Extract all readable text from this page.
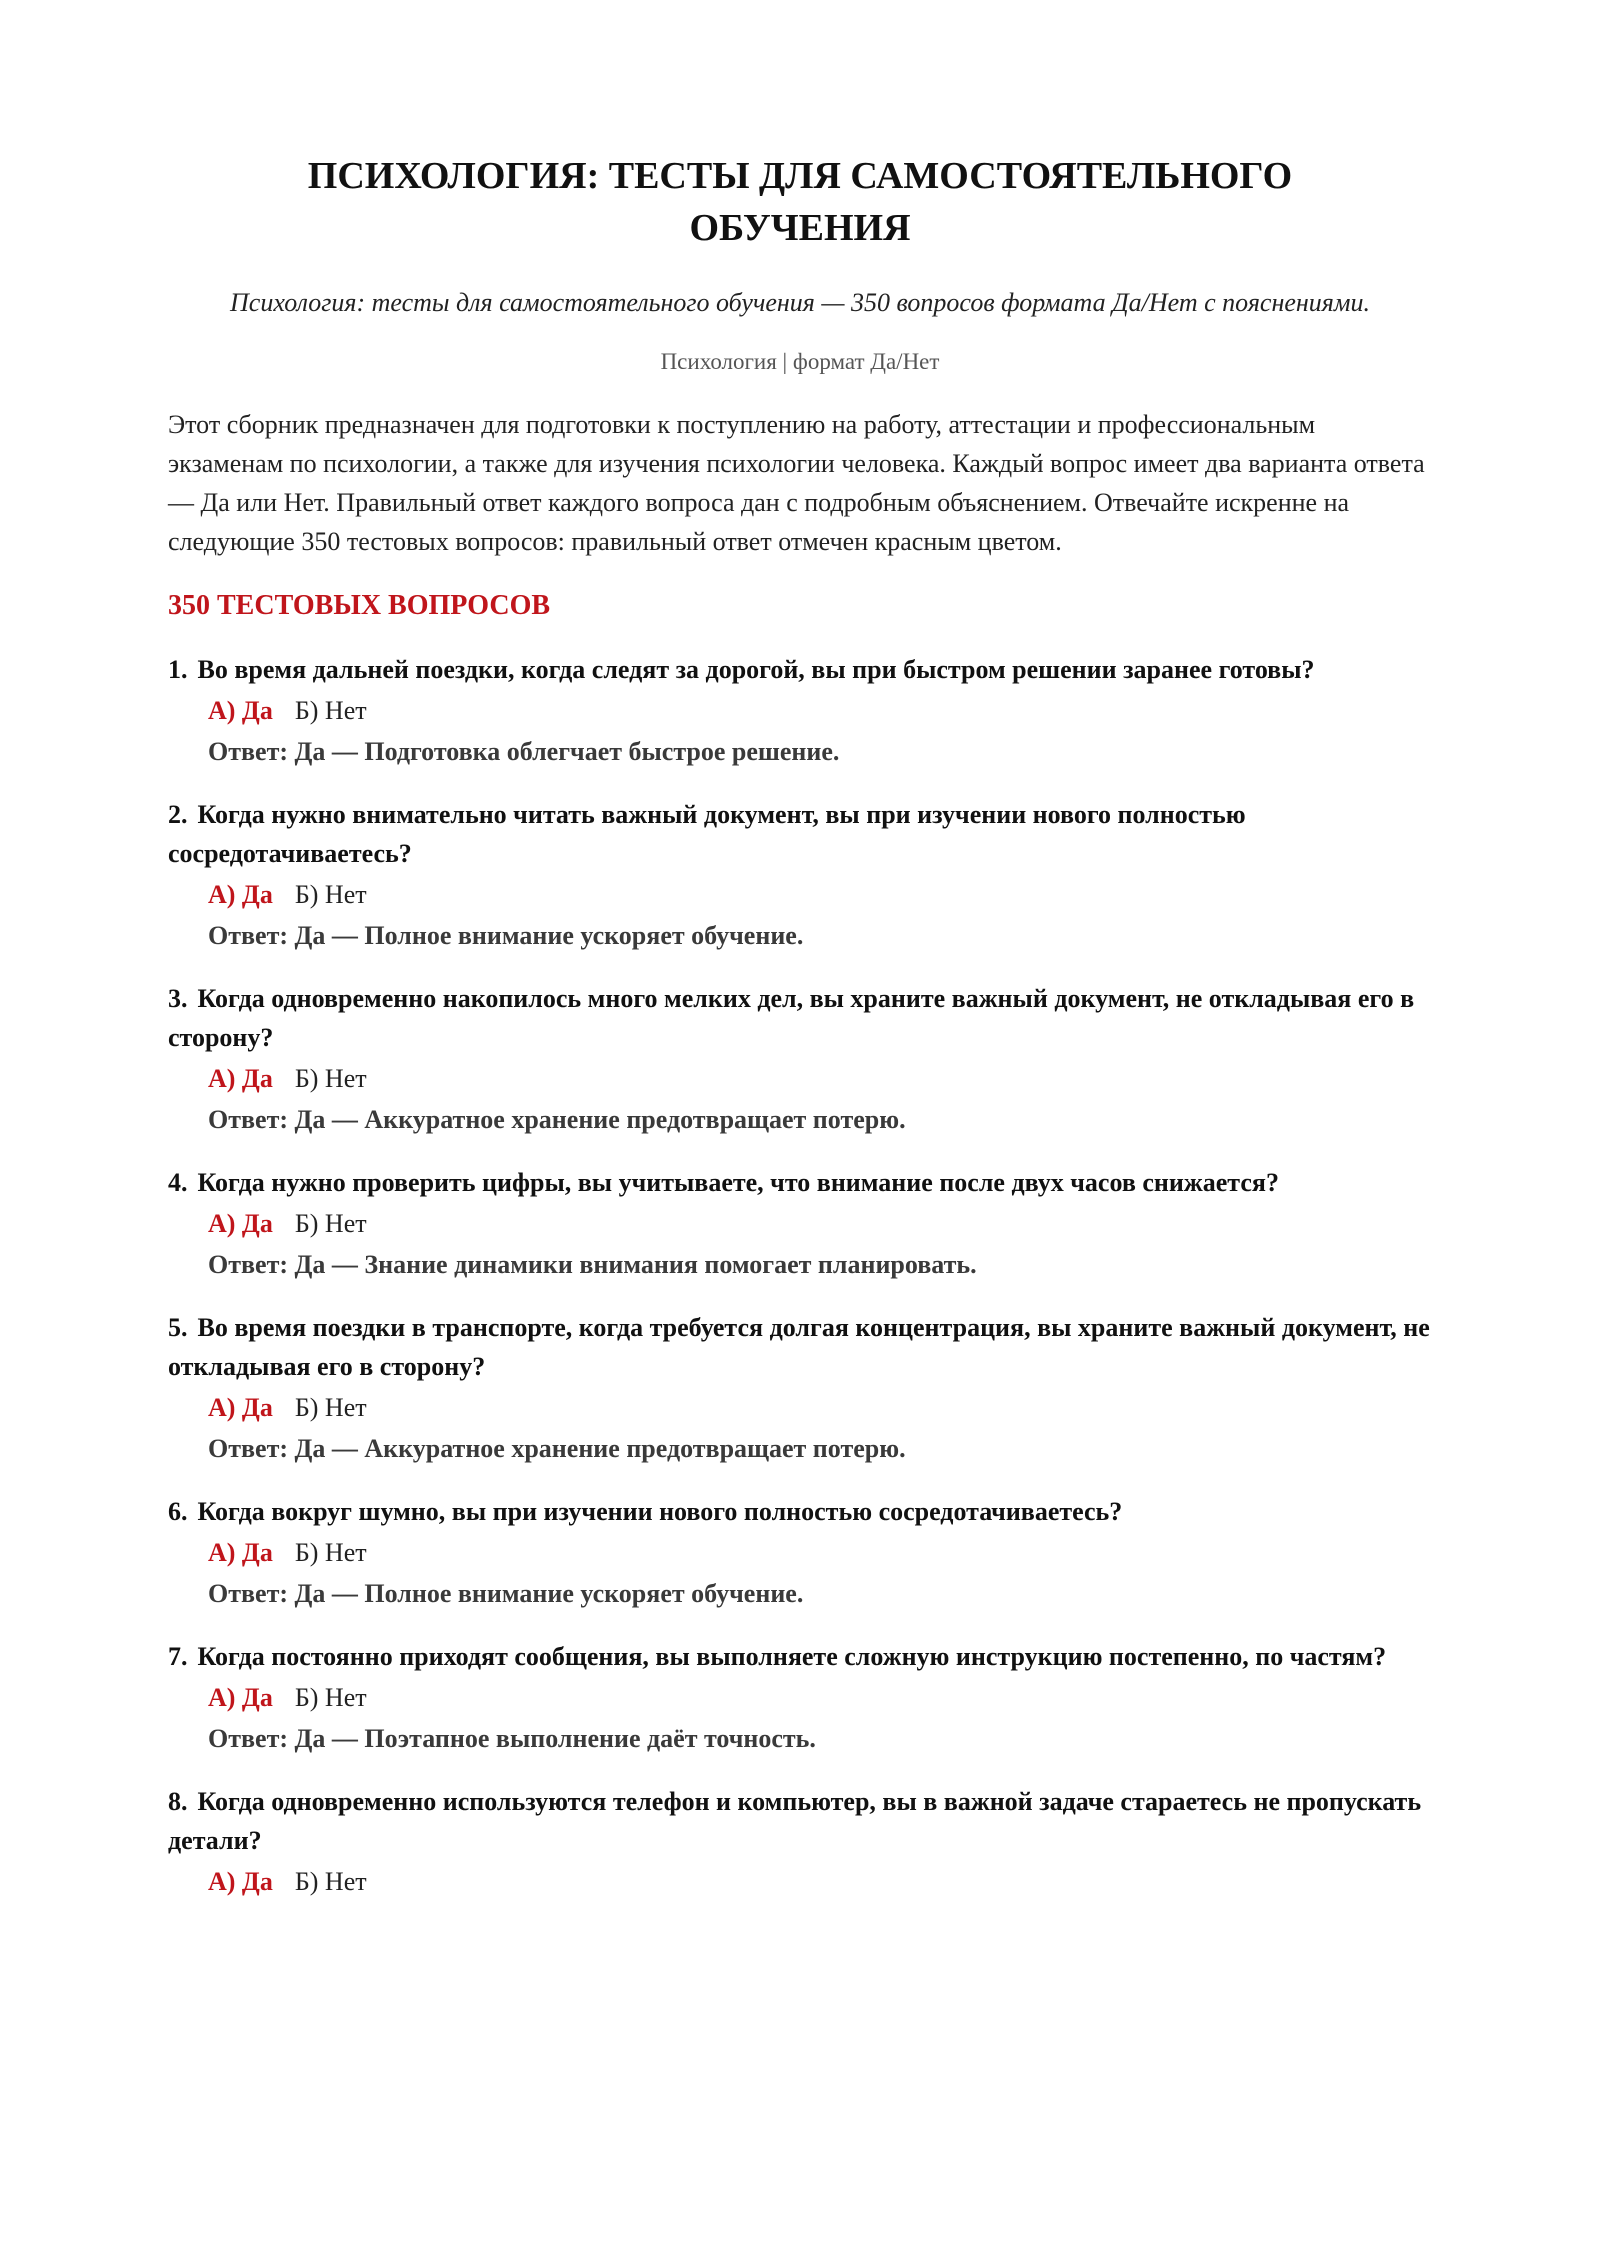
ПСИХОЛОГИЯ: ТЕСТЫ ДЛЯ САМОСТОЯТЕЛЬНОГО ОБУЧЕНИЯ
Психология: тесты для самостоятельного обучения — 350 вопросов формата Да/Нет с пояснениями.
Психология | формат Да/Нет
Этот сборник предназначен для подготовки к поступлению на работу, аттестации и профессиональным экзаменам по психологии, а также для изучения психологии человека. Каждый вопрос имеет два варианта ответа — Да или Нет. Правильный ответ каждого вопроса дан с подробным объяснением. Отвечайте искренне на следующие 350 тестовых вопросов: правильный ответ отмечен красным цветом.
350 ТЕСТОВЫХ ВОПРОСОВ
1. Во время дальней поездки, когда следят за дорогой, вы при быстром решении заранее готовы?
А) Да Б) Нет
Ответ: Да — Подготовка облегчает быстрое решение.
2. Когда нужно внимательно читать важный документ, вы при изучении нового полностью сосредотачиваетесь?
А) Да Б) Нет
Ответ: Да — Полное внимание ускоряет обучение.
3. Когда одновременно накопилось много мелких дел, вы храните важный документ, не откладывая его в сторону?
А) Да Б) Нет
Ответ: Да — Аккуратное хранение предотвращает потерю.
4. Когда нужно проверить цифры, вы учитываете, что внимание после двух часов снижается?
А) Да Б) Нет
Ответ: Да — Знание динамики внимания помогает планировать.
5. Во время поездки в транспорте, когда требуется долгая концентрация, вы храните важный документ, не откладывая его в сторону?
А) Да Б) Нет
Ответ: Да — Аккуратное хранение предотвращает потерю.
6. Когда вокруг шумно, вы при изучении нового полностью сосредотачиваетесь?
А) Да Б) Нет
Ответ: Да — Полное внимание ускоряет обучение.
7. Когда постоянно приходят сообщения, вы выполняете сложную инструкцию постепенно, по частям?
А) Да Б) Нет
Ответ: Да — Поэтапное выполнение даёт точность.
8. Когда одновременно используются телефон и компьютер, вы в важной задаче стараетесь не пропускать детали?
А) Да Б) Нет
